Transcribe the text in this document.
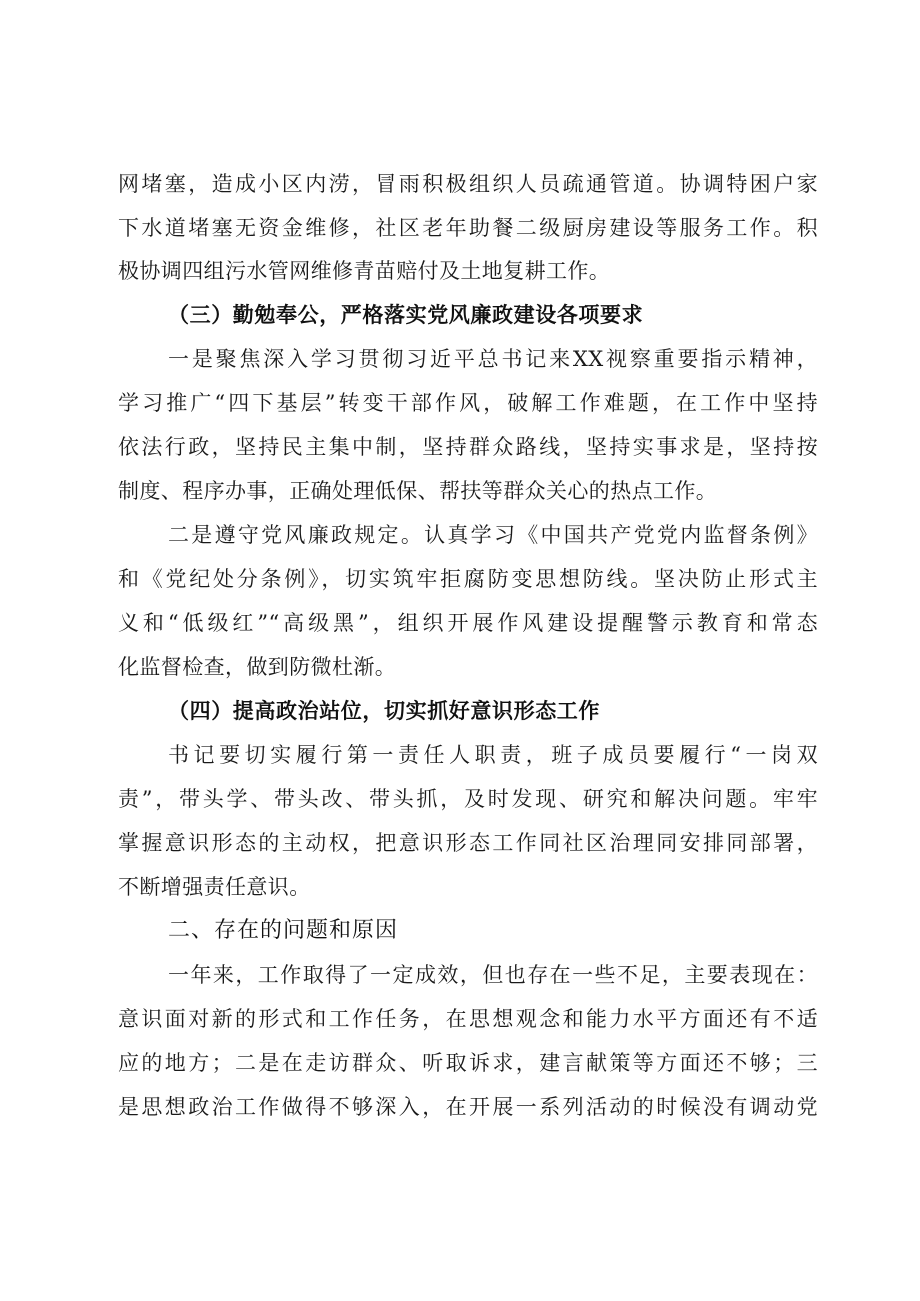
网堵塞，造成小区内涝，冒雨积极组织人员疏通管道。协调特困户家
下水道堵塞无资金维修，社区老年助餐二级厨房建设等服务工作。积
极协调四组污水管网维修青苗赔付及土地复耕工作。
（三）勤勉奉公，严格落实党风廉政建设各项要求
一是聚焦深入学习贯彻习近平总书记来XX视察重要指示精神，
学习推广“四下基层”转变干部作风，破解工作难题，在工作中坚持
依法行政，坚持民主集中制，坚持群众路线，坚持实事求是，坚持按
制度、程序办事，正确处理低保、帮扶等群众关心的热点工作。
二是遵守党风廉政规定。认真学习《中国共产党党内监督条例》
和《党纪处分条例》，切实筑牢拒腐防变思想防线。坚决防止形式主
义和“低级红”“高级黑”，组织开展作风建设提醒警示教育和常态
化监督检查，做到防微杜渐。
（四）提高政治站位，切实抓好意识形态工作
书记要切实履行第一责任人职责，班子成员要履行“一岗双
责”，带头学、带头改、带头抓，及时发现、研究和解决问题。牢牢
掌握意识形态的主动权，把意识形态工作同社区治理同安排同部署，
不断增强责任意识。
二、存在的问题和原因
一年来，工作取得了一定成效，但也存在一些不足，主要表现在：
意识面对新的形式和工作任务，在思想观念和能力水平方面还有不适
应的地方；二是在走访群众、听取诉求，建言献策等方面还不够；三
是思想政治工作做得不够深入，在开展一系列活动的时候没有调动党
